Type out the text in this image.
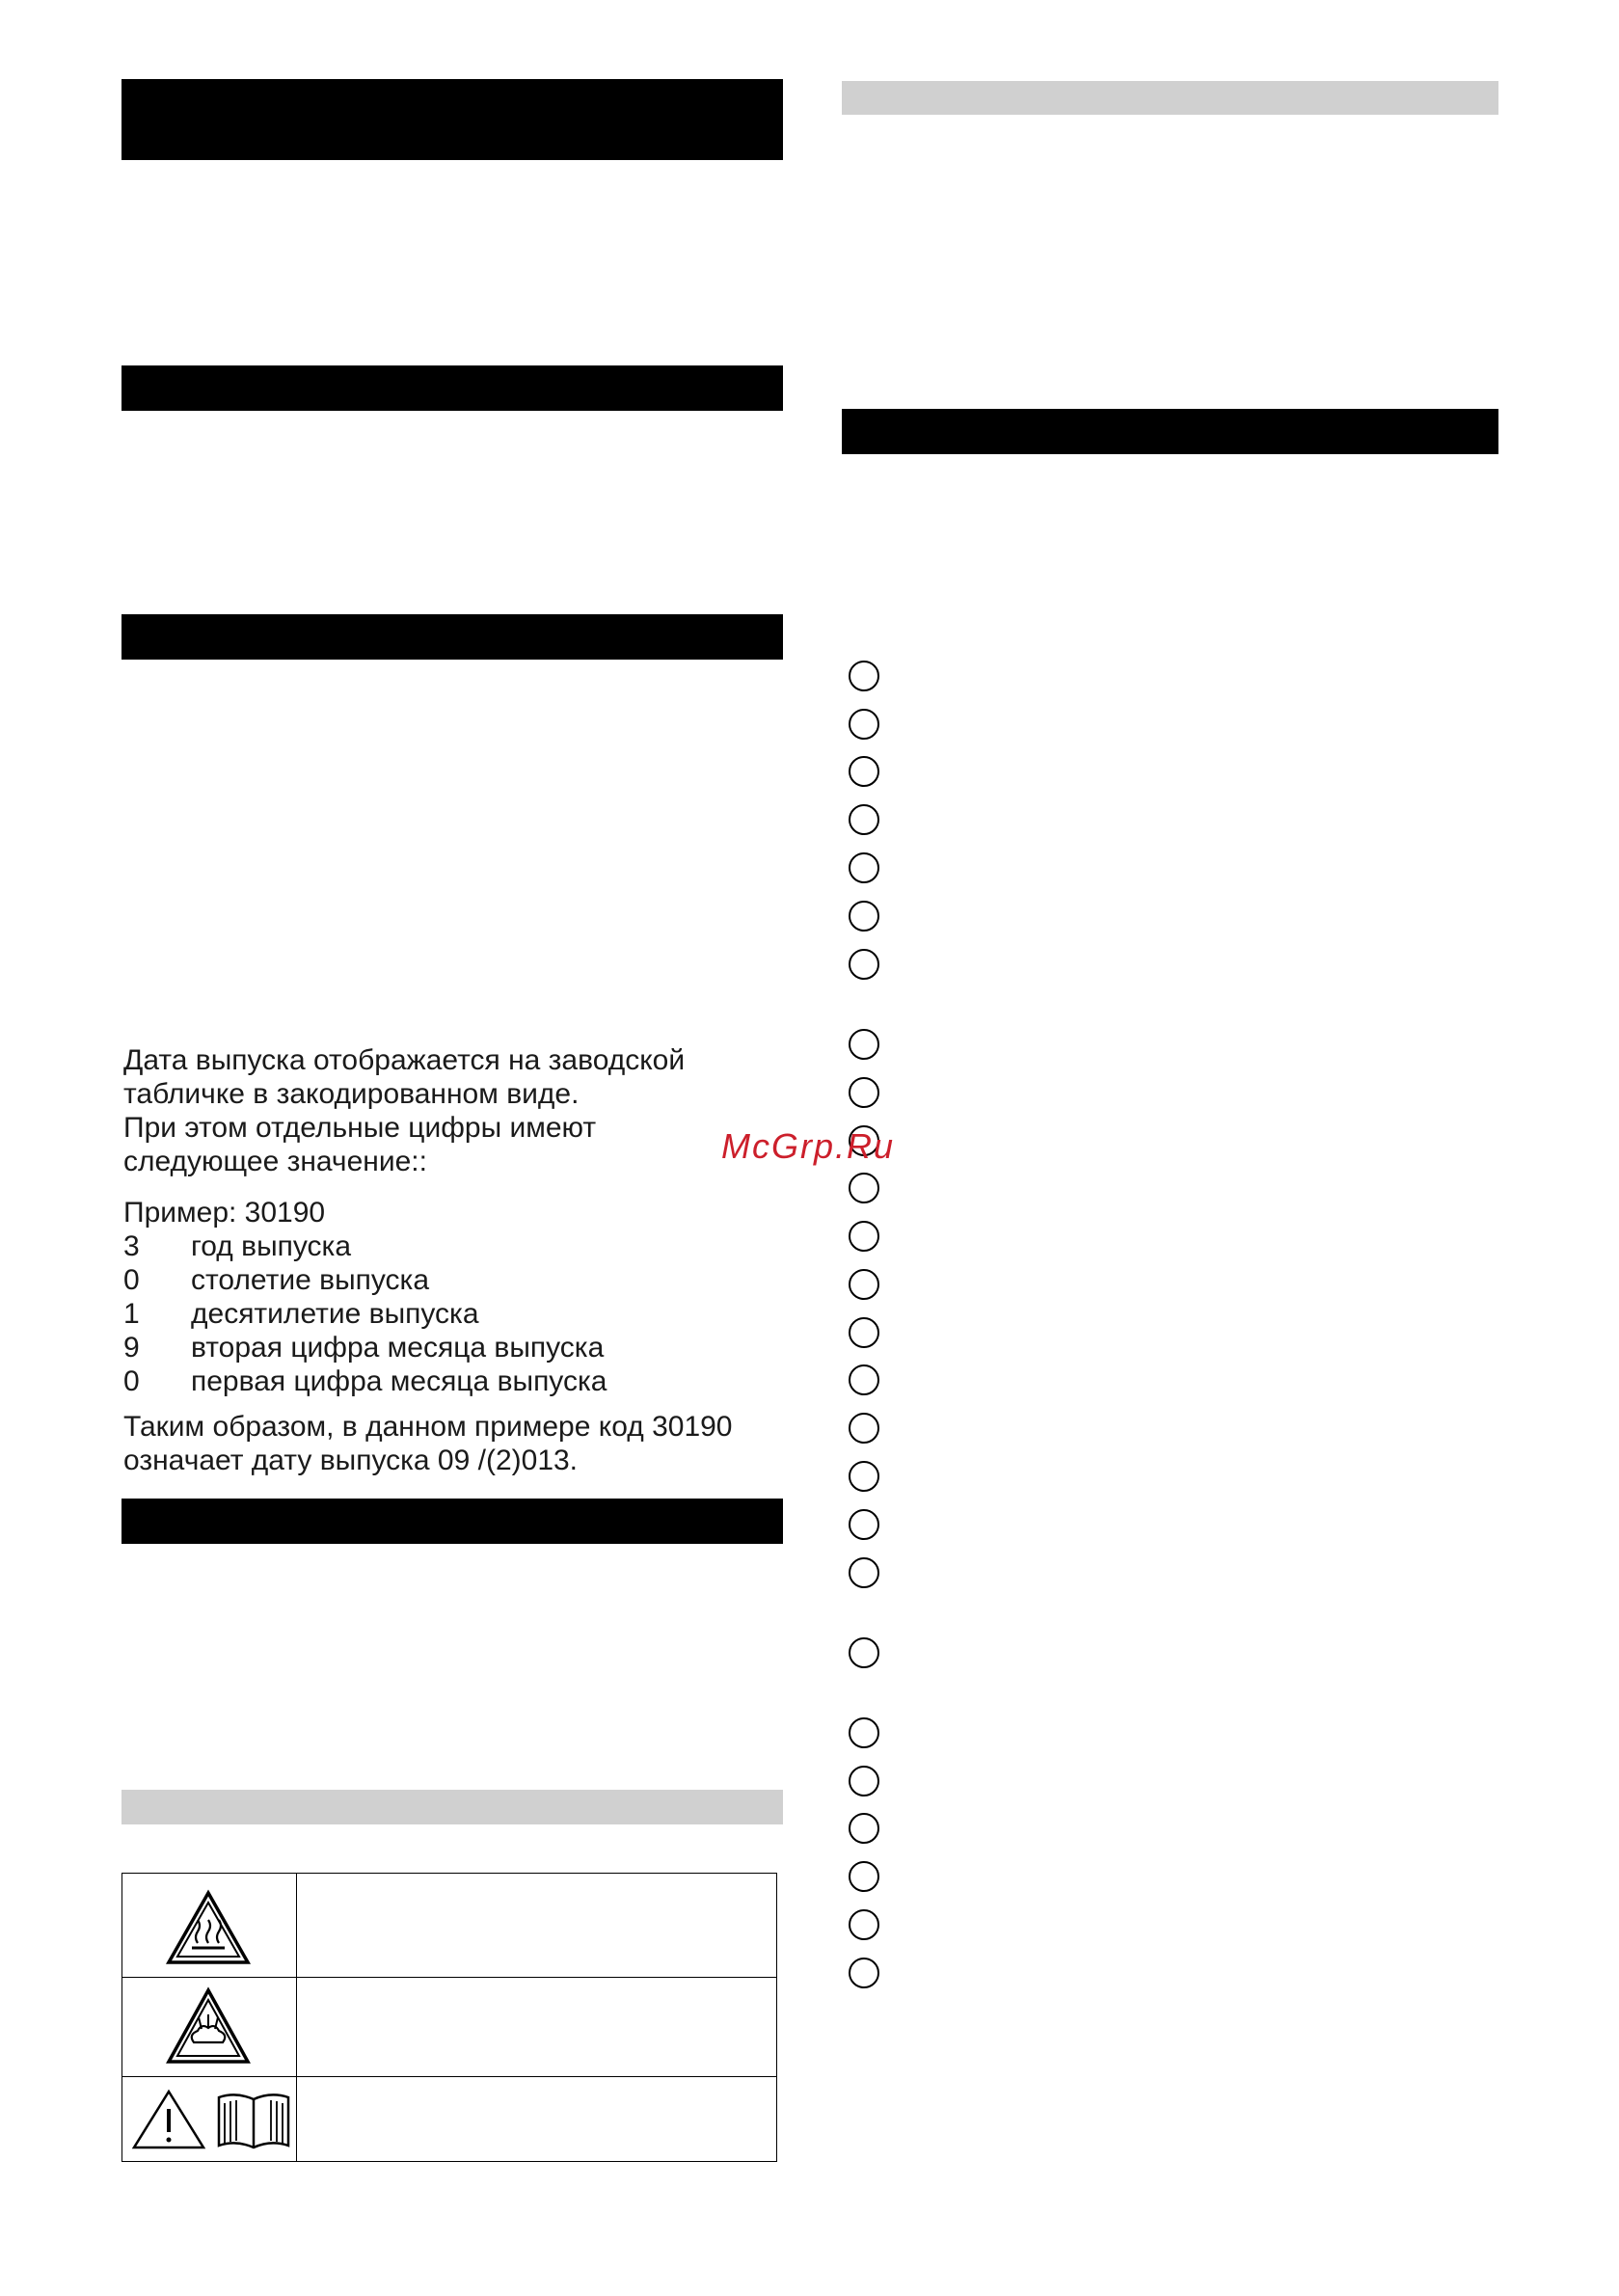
Дата выпуска отображается на заводской

табличке в закодированном виде.

При этом отдельные цифры имеют

следующее значение::

Пример: 30190

3	год выпуска
0	столетие выпуска
1	десятилетие выпуска
9	вторая цифра месяца выпуска
0	первая цифра месяца выпуска

Таким образом, в данном примере код 30190

означает дату выпуска 09 /(2)013.

McGrp.Ru
